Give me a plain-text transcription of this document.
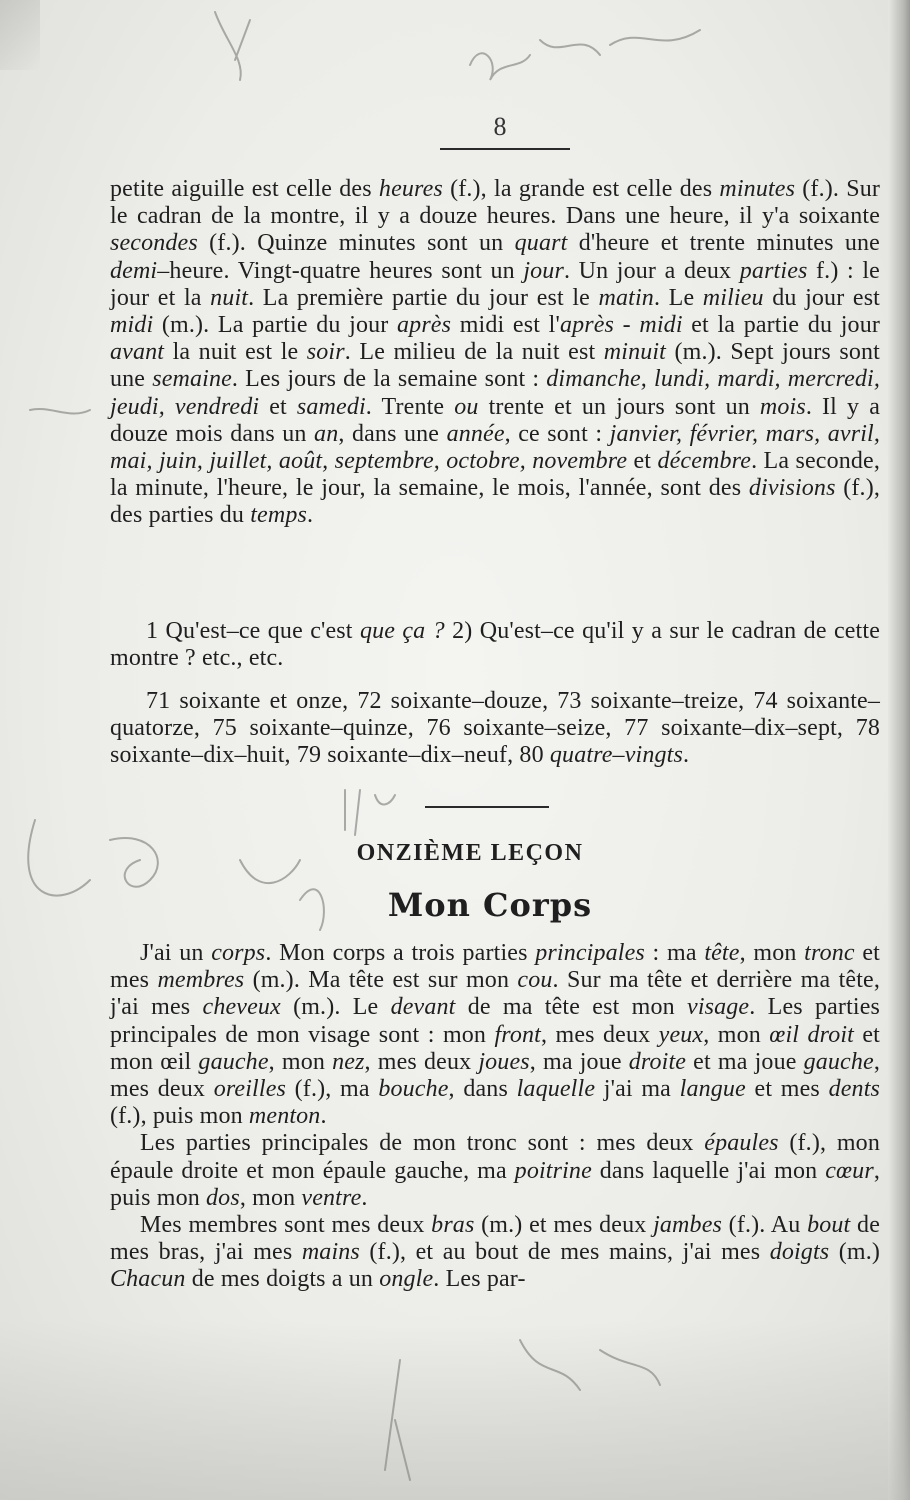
8

petite aiguille est celle des heures (f.), la grande est celle des minutes (f.). Sur le cadran de la montre, il y a douze heures. Dans une heure, il y'a soixante secondes (f.). Quinze minutes sont un quart d'heure et trente minutes une demi–heure. Vingt-quatre heures sont un jour. Un jour a deux parties f.) : le jour et la nuit. La première partie du jour est le matin. Le milieu du jour est midi (m.). La partie du jour après midi est l'après - midi et la partie du jour avant la nuit est le soir. Le milieu de la nuit est minuit (m.). Sept jours sont une semaine. Les jours de la semaine sont : dimanche, lundi, mardi, mercredi, jeudi, vendredi et samedi. Trente ou trente et un jours sont un mois. Il y a douze mois dans un an, dans une année, ce sont : janvier, février, mars, avril, mai, juin, juillet, août, septembre, octobre, novembre et décembre. La seconde, la minute, l'heure, le jour, la semaine, le mois, l'année, sont des divisions (f.), des parties du temps.

1 Qu'est–ce que c'est que ça ? 2) Qu'est–ce qu'il y a sur le cadran de cette montre ? etc., etc.

71 soixante et onze, 72 soixante–douze, 73 soixante–treize, 74 soixante–quatorze, 75 soixante–quinze, 76 soixante–seize, 77 soixante–dix–sept, 78 soixante–dix–huit, 79 soixante–dix–neuf, 80 quatre–vingts.

ONZIÈME LEÇON
Mon Corps

J'ai un corps. Mon corps a trois parties principales : ma tête, mon tronc et mes membres (m.). Ma tête est sur mon cou. Sur ma tête et derrière ma tête, j'ai mes cheveux (m.). Le devant de ma tête est mon visage. Les parties principales de mon visage sont : mon front, mes deux yeux, mon œil droit et mon œil gauche, mon nez, mes deux joues, ma joue droite et ma joue gauche, mes deux oreilles (f.), ma bouche, dans laquelle j'ai ma langue et mes dents (f.), puis mon menton.

Les parties principales de mon tronc sont : mes deux épaules (f.), mon épaule droite et mon épaule gauche, ma poitrine dans laquelle j'ai mon cœur, puis mon dos, mon ventre.

Mes membres sont mes deux bras (m.) et mes deux jambes (f.). Au bout de mes bras, j'ai mes mains (f.), et au bout de mes mains, j'ai mes doigts (m.) Chacun de mes doigts a un ongle. Les par-
